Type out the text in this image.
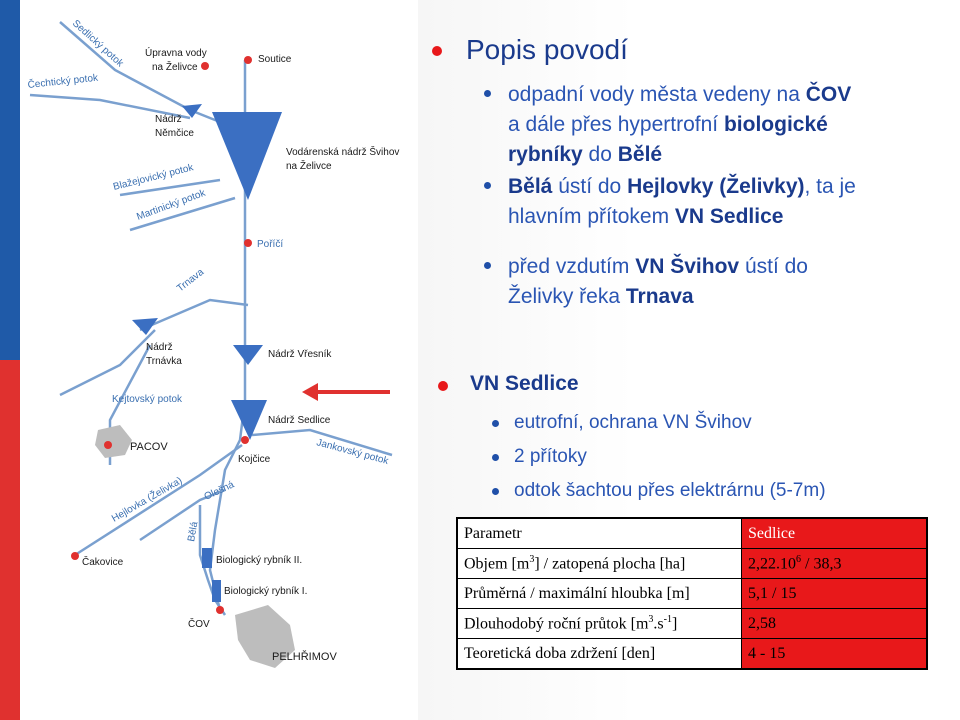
Sedlický potok Úpravna vody
na Želivce
Soutice
Čechtický potok
Nádrž
Němčice
Vodárenská nádrž Švihov
na Želivce
Blažejovický potok
Martinický potok
Poříčí
Trnava
Nádrž
Trnávka
Nádrž Vřesník
Kejtovský potok
Nádrž Sedlice
PACOV
Kojčice	Jankovský potok
Hejlovka (Želivka) Olešná
Bělá
Biologický rybník II.
Čakovice
Biologický rybník I.
ČOV
PELHŘIMOV
Popis povodí
odpadní vody města vedeny na ČOV
a dále přes hypertrofní biologické
rybníky do Bělé
Bělá ústí do Hejlovky (Želivky), ta je
hlavním přítokem VN Sedlice
před vzdutím VN Švihov ústí do
Želivky řeka Trnava
VN Sedlice
eutrofní, ochrana VN Švihov
2 přítoky
odtok šachtou přes elektrárnu (5-7m)
Parametr	Sedlice
Objem $[m^3]$ / zatopená plocha [ha]	2,22.10$^6$ / 38,3
Průměrná / maximální hloubka [m]	5,1 / 15
Dlouhodobý roční průtok $[m^3.s^{-1}]$	2,58
Teoretická doba zdržení [den]	4 - 15
